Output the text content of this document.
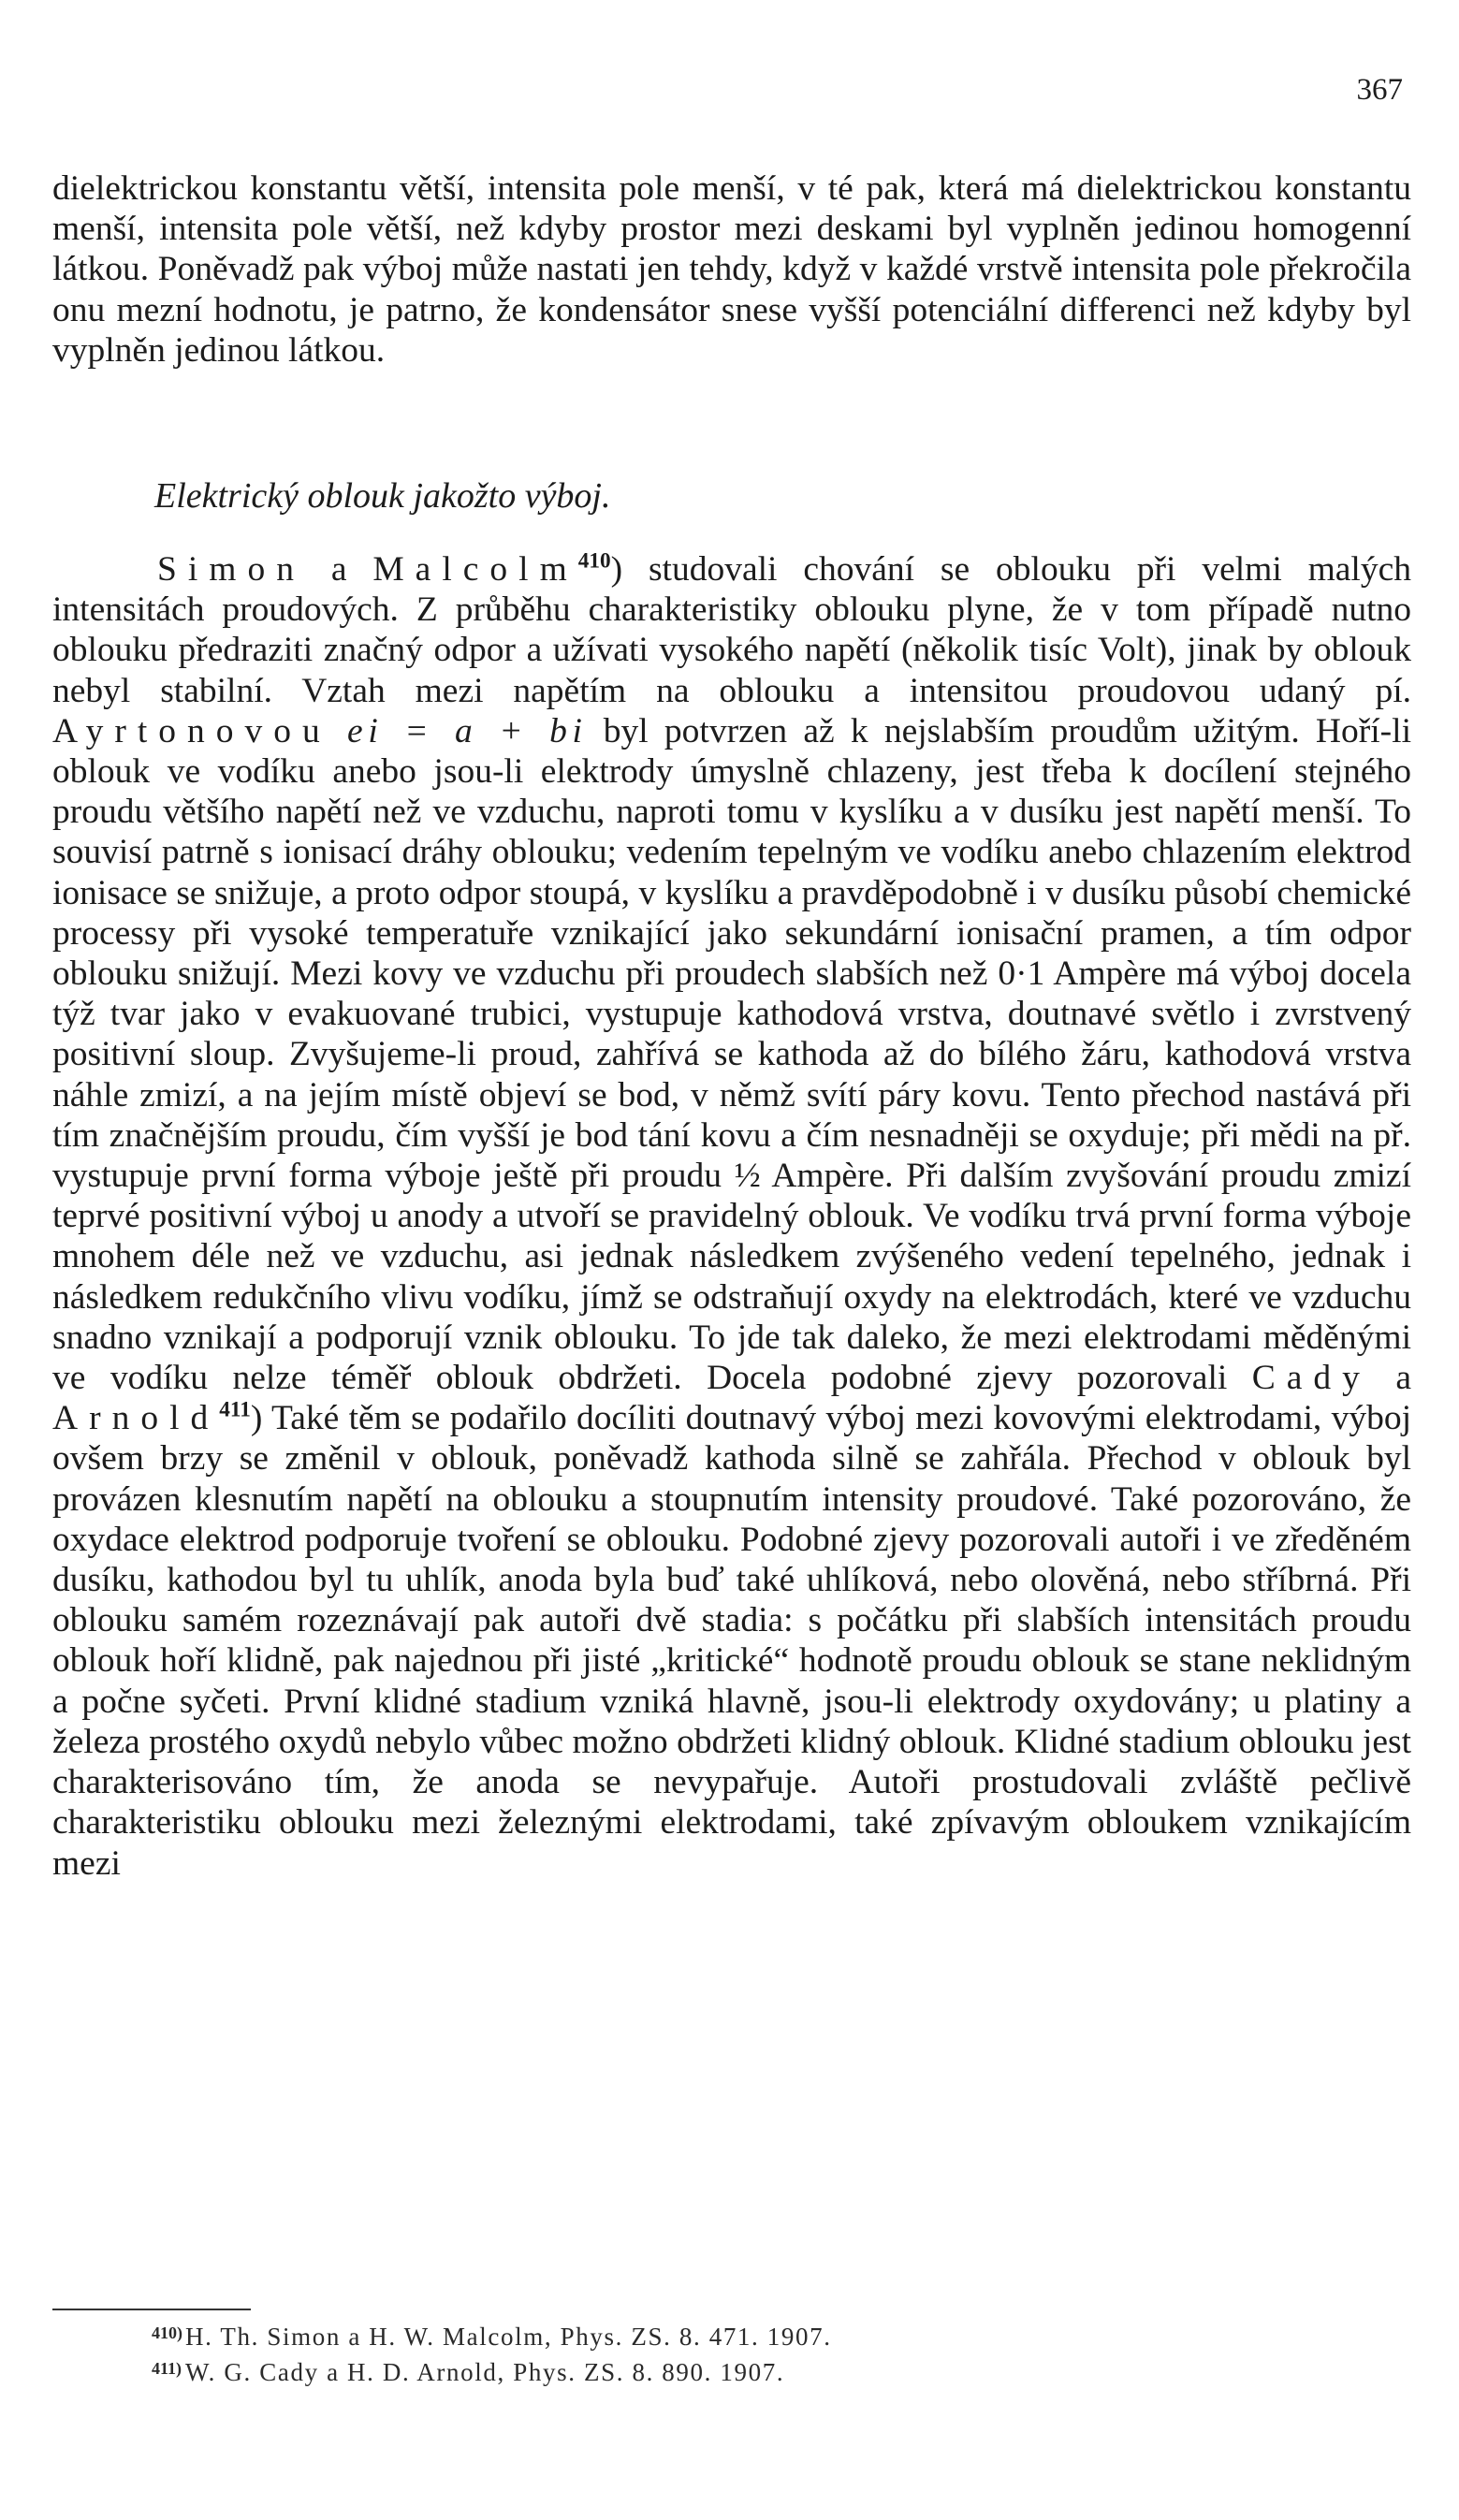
367

dielektrickou konstantu větší, intensita pole menší, v té pak, která má dielektrickou konstantu menší, intensita pole větší, než kdyby prostor mezi deskami byl vyplněn jedinou homogenní látkou. Poněvadž pak výboj může nastati jen tehdy, když v každé vrstvě intensita pole překročila onu mezní hodnotu, je patrno, že kondensátor snese vyšší potenciální differenci než kdyby byl vyplněn jedinou látkou.

Elektrický oblouk jakožto výboj.

Simon a Malcolm$^{410}$) studovali chování se oblouku při velmi malých intensitách proudových. Z průběhu charakteristiky oblouku plyne, že v tom případě nutno oblouku předraziti značný odpor a užívati vysokého napětí (několik tisíc Volt), jinak by oblouk nebyl stabilní. Vztah mezi napětím na oblouku a intensitou proudovou udaný pí. Ayrtonovou ei = a + bi byl potvrzen až k nejslabším proudům užitým. Hoří-li oblouk ve vodíku anebo jsou-li elektrody úmyslně chlazeny, jest třeba k docílení stejného proudu většího napětí než ve vzduchu, naproti tomu v kyslíku a v dusíku jest napětí menší. To souvisí patrně s ionisací dráhy oblouku; vedením tepelným ve vodíku anebo chlazením elektrod ionisace se snižuje, a proto odpor stoupá, v kyslíku a pravděpodobně i v dusíku působí chemické processy při vysoké temperatuře vznikající jako sekundární ionisační pramen, a tím odpor oblouku snižují. Mezi kovy ve vzduchu při proudech slabších než 0·1 Ampère má výboj docela týž tvar jako v evakuované trubici, vystupuje kathodová vrstva, doutnavé světlo i zvrstvený positivní sloup. Zvyšujeme-li proud, zahřívá se kathoda až do bílého žáru, kathodová vrstva náhle zmizí, a na jejím místě objeví se bod, v němž svítí páry kovu. Tento přechod nastává při tím značnějším proudu, čím vyšší je bod tání kovu a čím nesnadněji se oxyduje; při mědi na př. vystupuje první forma výboje ještě při proudu ½ Ampère. Při dalším zvyšování proudu zmizí teprvé positivní výboj u anody a utvoří se pravidelný oblouk. Ve vodíku trvá první forma výboje mnohem déle než ve vzduchu, asi jednak následkem zvýšeného vedení tepelného, jednak i následkem redukčního vlivu vodíku, jímž se odstraňují oxydy na elektrodách, které ve vzduchu snadno vznikají a podporují vznik oblouku. To jde tak daleko, že mezi elektrodami měděnými ve vodíku nelze téměř oblouk obdržeti. Docela podobné zjevy pozorovali Cady a Arnold$^{411}$) Také těm se podařilo docíliti doutnavý výboj mezi kovovými elektrodami, výboj ovšem brzy se změnil v oblouk, poněvadž kathoda silně se zahřála. Přechod v oblouk byl provázen klesnutím napětí na oblouku a stoupnutím intensity proudové. Také pozorováno, že oxydace elektrod podporuje tvoření se oblouku. Podobné zjevy pozorovali autoři i ve zředěném dusíku, kathodou byl tu uhlík, anoda byla buď také uhlíková, nebo olověná, nebo stříbrná. Při oblouku samém rozeznávají pak autoři dvě stadia: s počátku při slabších intensitách proudu oblouk hoří klidně, pak najednou při jisté „kritické“ hodnotě proudu oblouk se stane neklidným a počne syčeti. První klidné stadium vzniká hlavně, jsou-li elektrody oxydovány; u platiny a železa prostého oxydů nebylo vůbec možno obdržeti klidný oblouk. Klidné stadium oblouku jest charakterisováno tím, že anoda se nevypařuje. Autoři prostudovali zvláště pečlivě charakteristiku oblouku mezi železnými elektrodami, také zpívavým obloukem vznikajícím mezi

410) H. Th. Simon a H. W. Malcolm, Phys. ZS. 8. 471. 1907.
411) W. G. Cady a H. D. Arnold, Phys. ZS. 8. 890. 1907.
